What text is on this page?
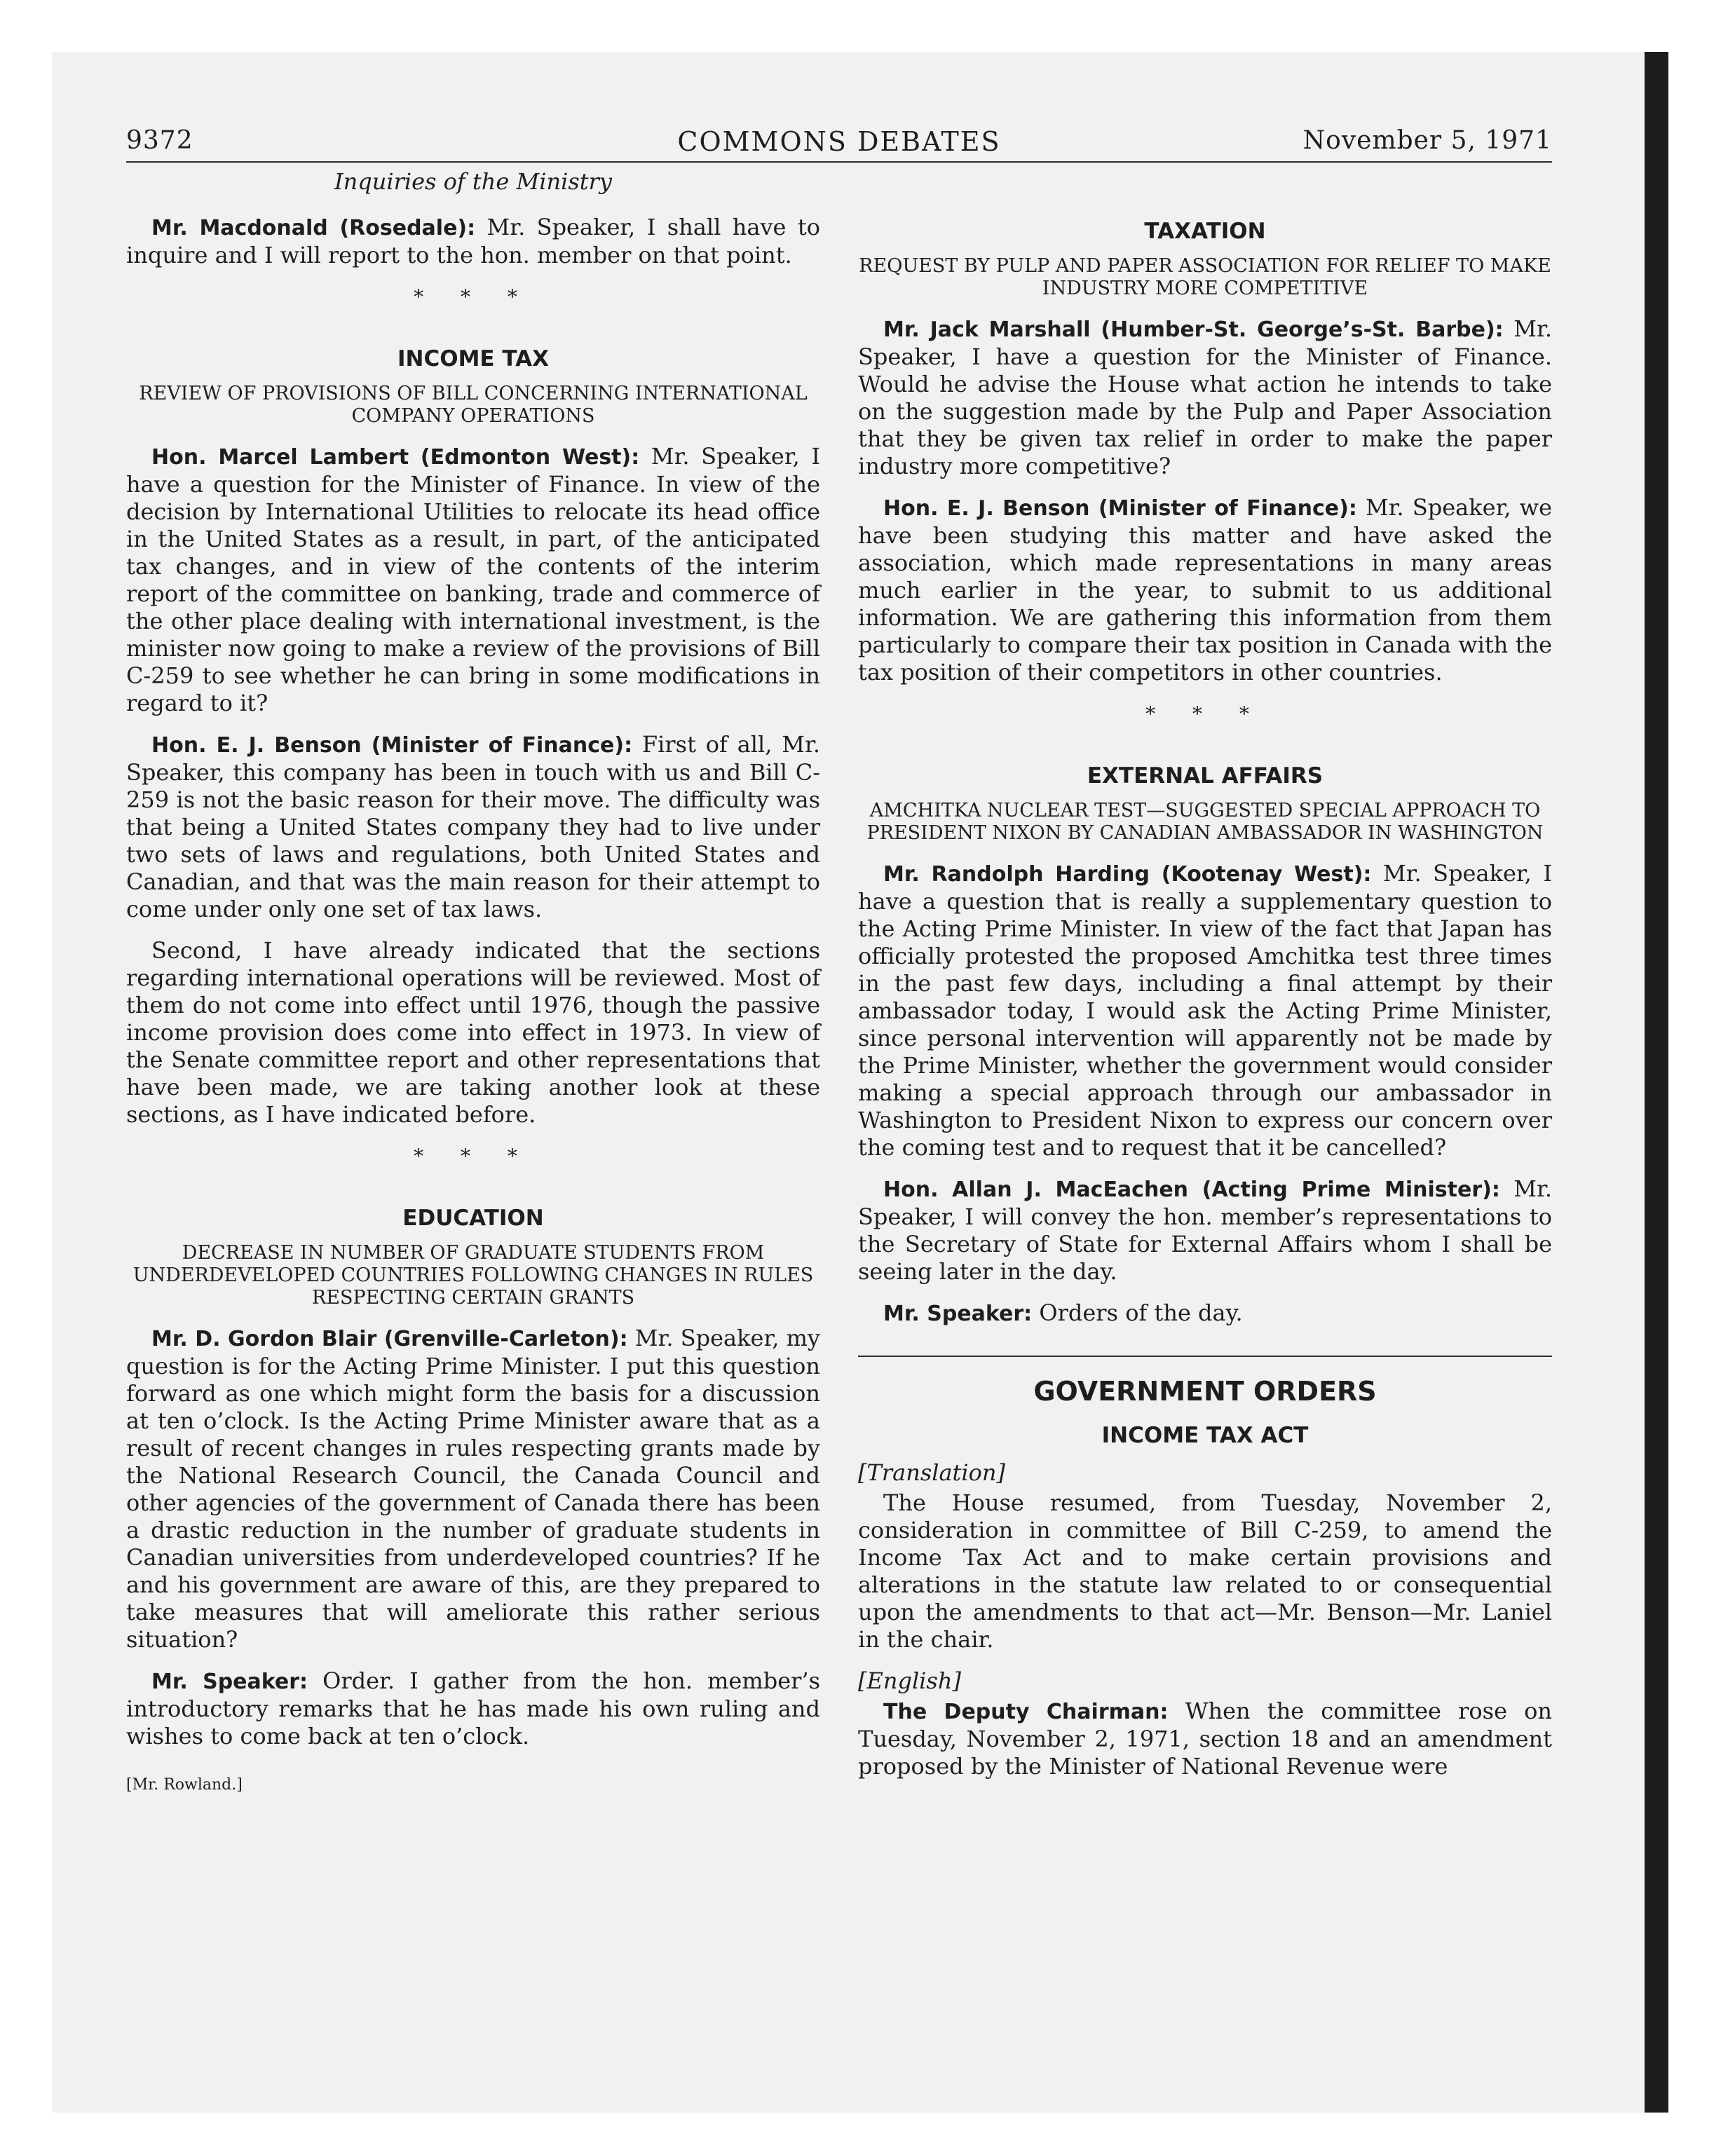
9372	COMMONS DEBATES	November 5, 1971
Inquiries of the Ministry

Mr. Macdonald (Rosedale): Mr. Speaker, I shall have to inquire and I will report to the hon. member on that point.

* * *
INCOME TAX
REVIEW OF PROVISIONS OF BILL CONCERNING INTERNATIONAL COMPANY OPERATIONS

Hon. Marcel Lambert (Edmonton West): Mr. Speaker, I have a question for the Minister of Finance. In view of the decision by International Utilities to relocate its head office in the United States as a result, in part, of the anticipated tax changes, and in view of the contents of the interim report of the committee on banking, trade and commerce of the other place dealing with international investment, is the minister now going to make a review of the provisions of Bill C-259 to see whether he can bring in some modifications in regard to it?

Hon. E. J. Benson (Minister of Finance): First of all, Mr. Speaker, this company has been in touch with us and Bill C-259 is not the basic reason for their move. The difficulty was that being a United States company they had to live under two sets of laws and regulations, both United States and Canadian, and that was the main reason for their attempt to come under only one set of tax laws.

Second, I have already indicated that the sections regarding international operations will be reviewed. Most of them do not come into effect until 1976, though the passive income provision does come into effect in 1973. In view of the Senate committee report and other representations that have been made, we are taking another look at these sections, as I have indicated before.

* * *
EDUCATION
DECREASE IN NUMBER OF GRADUATE STUDENTS FROM UNDERDEVELOPED COUNTRIES FOLLOWING CHANGES IN RULES RESPECTING CERTAIN GRANTS

Mr. D. Gordon Blair (Grenville-Carleton): Mr. Speaker, my question is for the Acting Prime Minister. I put this question forward as one which might form the basis for a discussion at ten o’clock. Is the Acting Prime Minister aware that as a result of recent changes in rules respecting grants made by the National Research Council, the Canada Council and other agencies of the government of Canada there has been a drastic reduction in the number of graduate students in Canadian universities from underdeveloped countries? If he and his government are aware of this, are they prepared to take measures that will ameliorate this rather serious situation?

Mr. Speaker: Order. I gather from the hon. member’s introductory remarks that he has made his own ruling and wishes to come back at ten o’clock.

[Mr. Rowland.]
TAXATION
REQUEST BY PULP AND PAPER ASSOCIATION FOR RELIEF TO MAKE INDUSTRY MORE COMPETITIVE

Mr. Jack Marshall (Humber-St. George’s-St. Barbe): Mr. Speaker, I have a question for the Minister of Finance. Would he advise the House what action he intends to take on the suggestion made by the Pulp and Paper Association that they be given tax relief in order to make the paper industry more competitive?

Hon. E. J. Benson (Minister of Finance): Mr. Speaker, we have been studying this matter and have asked the association, which made representations in many areas much earlier in the year, to submit to us additional information. We are gathering this information from them particularly to compare their tax position in Canada with the tax position of their competitors in other countries.

* * *
EXTERNAL AFFAIRS
AMCHITKA NUCLEAR TEST—SUGGESTED SPECIAL APPROACH TO PRESIDENT NIXON BY CANADIAN AMBASSADOR IN WASHINGTON

Mr. Randolph Harding (Kootenay West): Mr. Speaker, I have a question that is really a supplementary question to the Acting Prime Minister. In view of the fact that Japan has officially protested the proposed Amchitka test three times in the past few days, including a final attempt by their ambassador today, I would ask the Acting Prime Minister, since personal intervention will apparently not be made by the Prime Minister, whether the government would consider making a special approach through our ambassador in Washington to President Nixon to express our concern over the coming test and to request that it be cancelled?

Hon. Allan J. MacEachen (Acting Prime Minister): Mr. Speaker, I will convey the hon. member’s representations to the Secretary of State for External Affairs whom I shall be seeing later in the day.

Mr. Speaker: Orders of the day.

GOVERNMENT ORDERS
INCOME TAX ACT
[Translation]

The House resumed, from Tuesday, November 2, consideration in committee of Bill C-259, to amend the Income Tax Act and to make certain provisions and alterations in the statute law related to or consequential upon the amendments to that act—Mr. Benson—Mr. Laniel in the chair.

[English]

The Deputy Chairman: When the committee rose on Tuesday, November 2, 1971, section 18 and an amendment proposed by the Minister of National Revenue were
